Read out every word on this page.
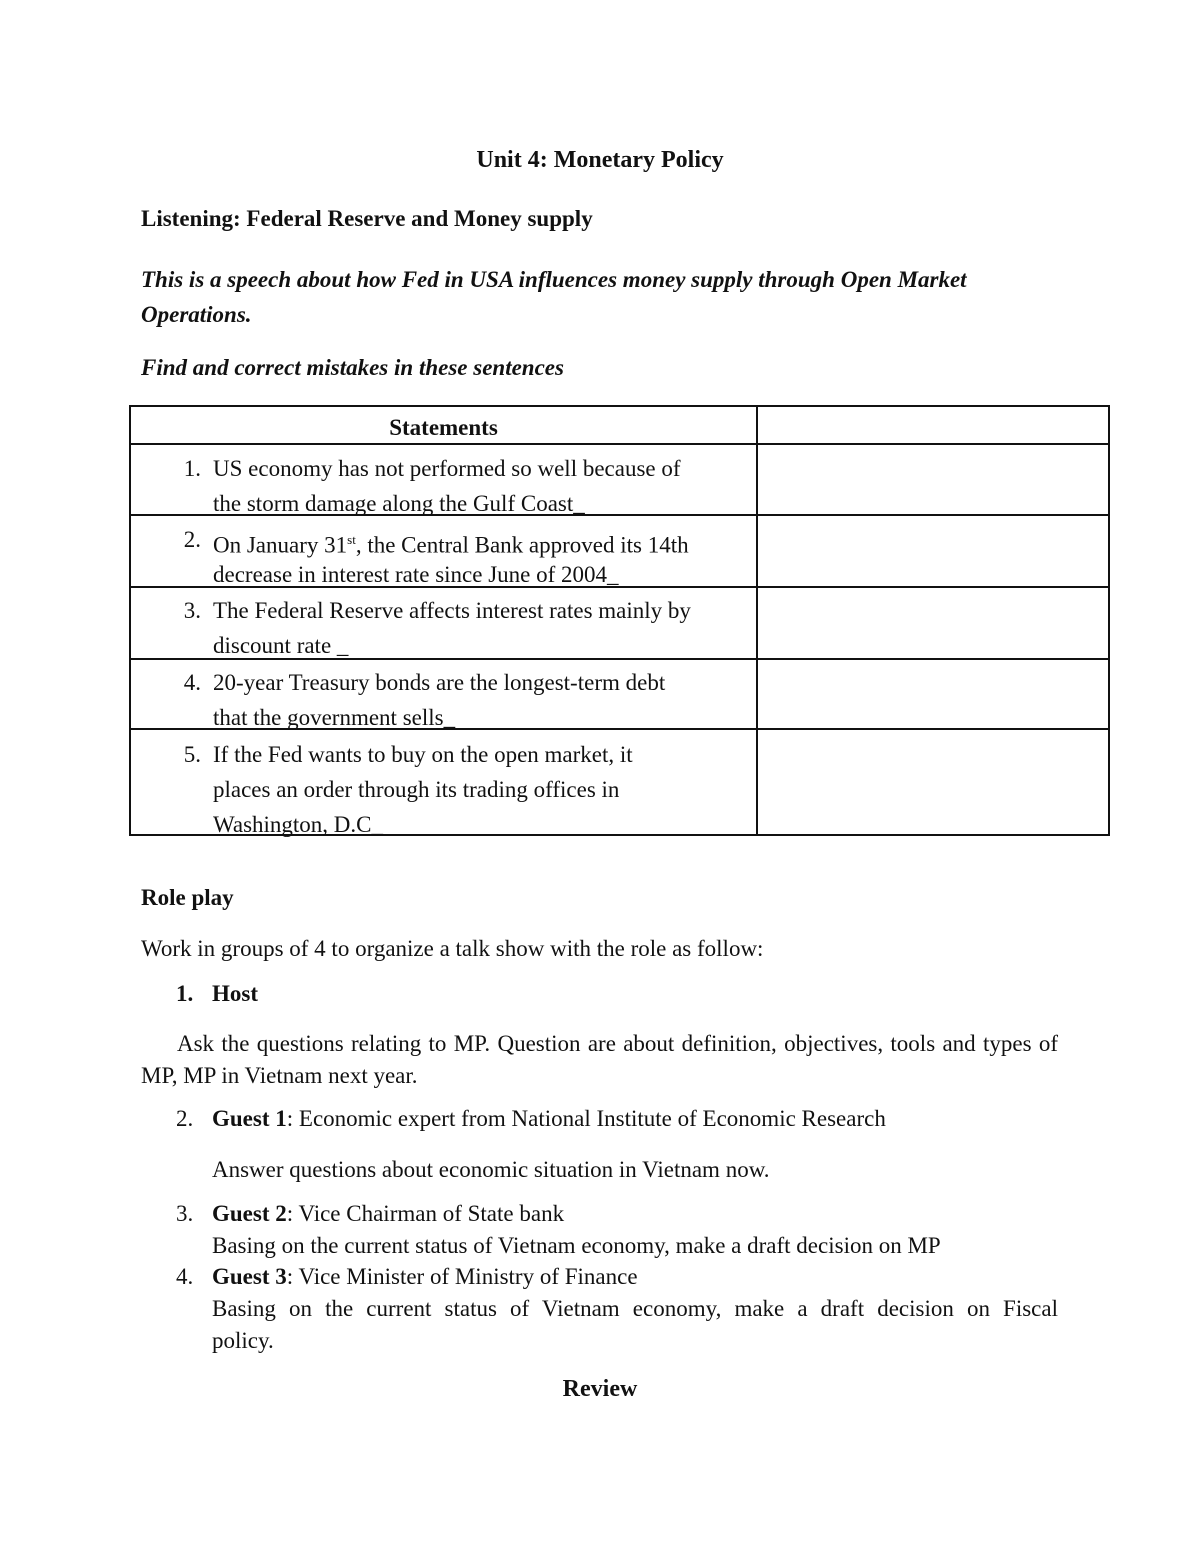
Unit 4: Monetary Policy
Listening: Federal Reserve and Money supply
This is a speech about how Fed in USA influences money supply through Open Market Operations.
Find and correct mistakes in these sentences
Statements
1. US economy has not performed so well because of
the storm damage along the Gulf Coast_
2. On January 31st, the Central Bank approved its 14th
decrease in interest rate since June of 2004_
3. The Federal Reserve affects interest rates mainly by
discount rate _
4. 20-year Treasury bonds are the longest-term debt
that the government sells_
5. If the Fed wants to buy on the open market, it
places an order through its trading offices in
Washington, D.C_
Role play
Work in groups of 4 to organize a talk show with the role as follow:
1. Host
Ask the questions relating to MP. Question are about definition, objectives, tools and types of MP, MP in Vietnam next year.
2. Guest 1: Economic expert from National Institute of Economic Research
Answer questions about economic situation in Vietnam now.
3. Guest 2: Vice Chairman of State bank
Basing on the current status of Vietnam economy, make a draft decision on MP
4. Guest 3: Vice Minister of Ministry of Finance
Basing on the current status of Vietnam economy, make a draft decision on Fiscal
policy.
Review
